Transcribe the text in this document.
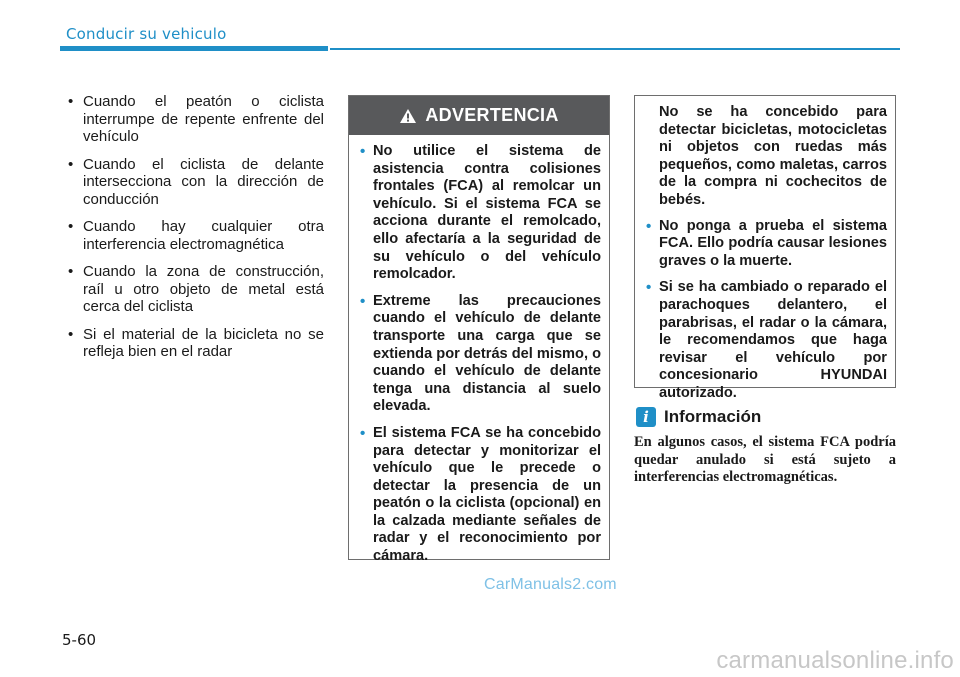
Conducir su vehiculo
• Cuando el peatón o ciclista interrumpe de repente enfrente del vehículo
• Cuando el ciclista de delante intersecciona con la dirección de conducción
• Cuando hay cualquier otra interferencia electromagnética
• Cuando la zona de construcción, raíl u otro objeto de metal está cerca del ciclista
• Si el material de la bicicleta no se refleja bien en el radar
ADVERTENCIA
• No utilice el sistema de asistencia contra colisiones frontales (FCA) al remolcar un vehículo. Si el sistema FCA se acciona durante el remolcado, ello afectaría a la seguridad de su vehículo o del vehículo remolcador.
• Extreme las precauciones cuando el vehículo de delante transporte una carga que se extienda por detrás del mismo, o cuando el vehículo de delante tenga una distancia al suelo elevada.
• El sistema FCA se ha concebido para detectar y monitorizar el vehículo que le precede o detectar la presencia de un peatón o la ciclista (opcional) en la calzada mediante señales de radar y el reconocimiento por cámara.

No se ha concebido para detectar bicicletas, motocicletas ni objetos con ruedas más pequeños, como maletas, carros de la compra ni cochecitos de bebés.

• No ponga a prueba el sistema FCA. Ello podría causar lesiones graves o la muerte.
• Si se ha cambiado o reparado el parachoques delantero, el parabrisas, el radar o la cámara, le recomendamos que haga revisar el vehículo por concesionario HYUNDAI autorizado.
i Información
En algunos casos, el sistema FCA podría quedar anulado si está sujeto a interferencias electromagnéticas.
CarManuals2.com
5-60
carmanualsonline.info
